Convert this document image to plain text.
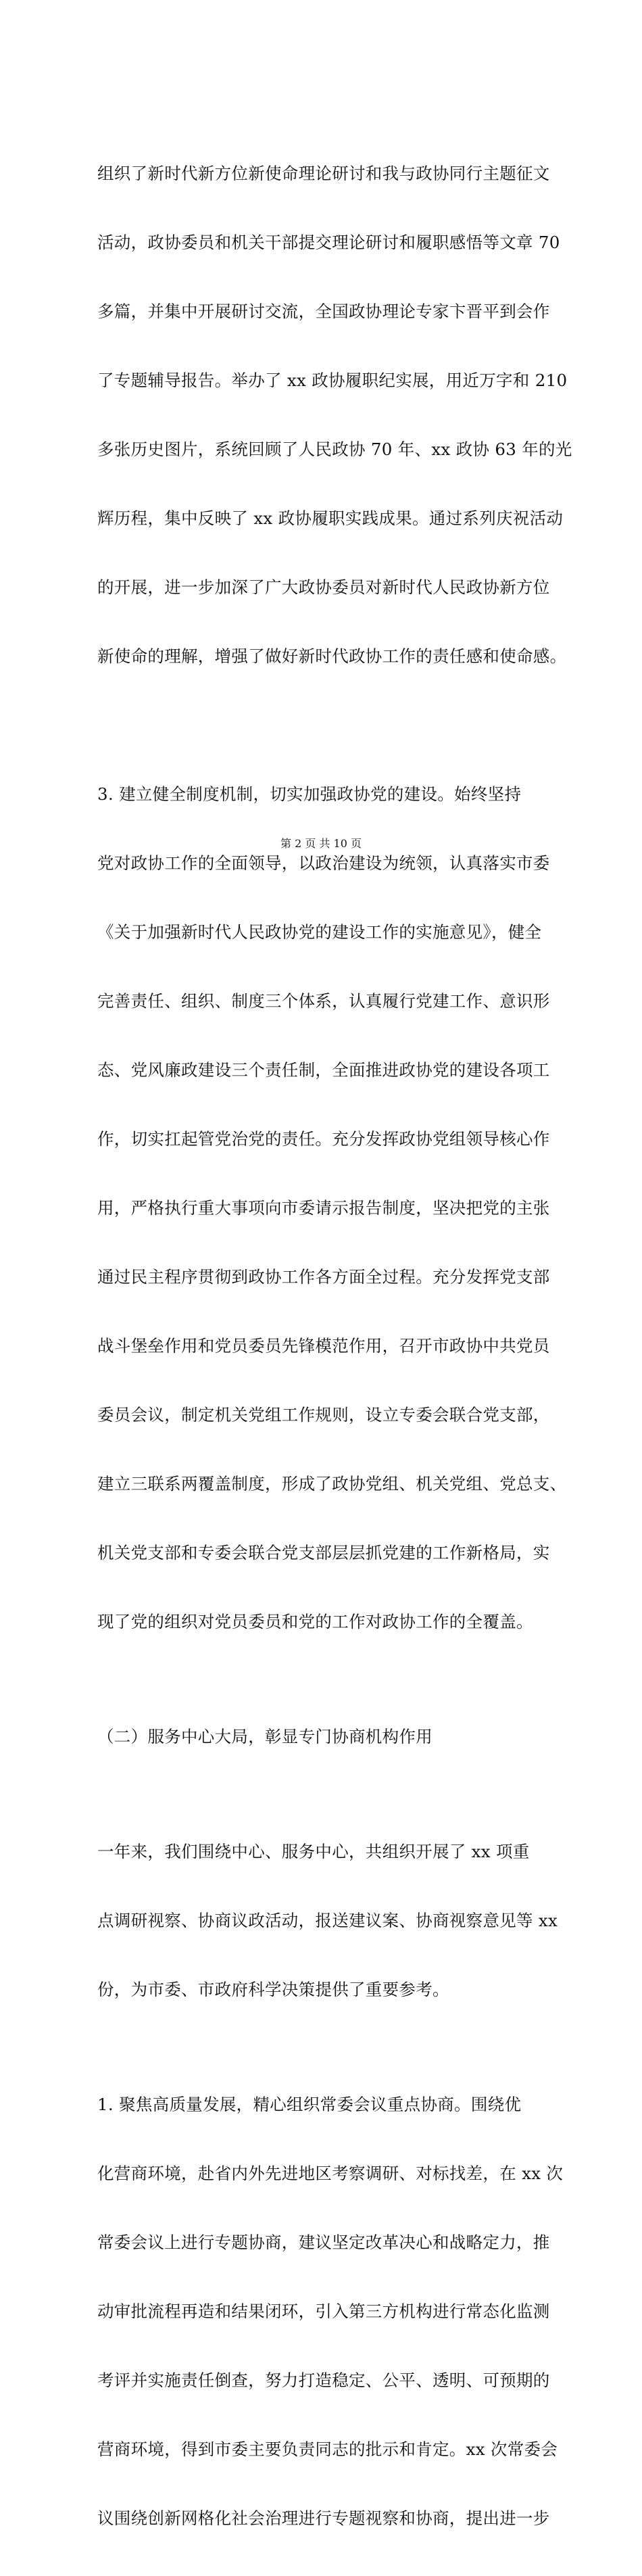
组织了新时代新方位新使命理论研讨和我与政协同行主题征文

活动，政协委员和机关干部提交理论研讨和履职感悟等文章 70

多篇，并集中开展研讨交流，全国政协理论专家卞晋平到会作

了专题辅导报告。举办了 xx 政协履职纪实展，用近万字和 210

多张历史图片，系统回顾了人民政协 70 年、xx 政协 63 年的光

辉历程，集中反映了 xx 政协履职实践成果。通过系列庆祝活动

的开展，进一步加深了广大政协委员对新时代人民政协新方位

新使命的理解，增强了做好新时代政协工作的责任感和使命感。

3. 建立健全制度机制，切实加强政协党的建设。始终坚持

党对政协工作的全面领导，以政治建设为统领，认真落实市委

《关于加强新时代人民政协党的建设工作的实施意见》，健全

完善责任、组织、制度三个体系，认真履行党建工作、意识形

态、党风廉政建设三个责任制，全面推进政协党的建设各项工

作，切实扛起管党治党的责任。充分发挥政协党组领导核心作

用，严格执行重大事项向市委请示报告制度，坚决把党的主张

通过民主程序贯彻到政协工作各方面全过程。充分发挥党支部

战斗堡垒作用和党员委员先锋模范作用，召开市政协中共党员

委员会议，制定机关党组工作规则，设立专委会联合党支部，

建立三联系两覆盖制度，形成了政协党组、机关党组、党总支、

机关党支部和专委会联合党支部层层抓党建的工作新格局，实

现了党的组织对党员委员和党的工作对政协工作的全覆盖。

（二）服务中心大局，彰显专门协商机构作用

一年来，我们围绕中心、服务中心，共组织开展了 xx 项重

点调研视察、协商议政活动，报送建议案、协商视察意见等 xx

份，为市委、市政府科学决策提供了重要参考。

1. 聚焦高质量发展，精心组织常委会议重点协商。围绕优

化营商环境，赴省内外先进地区考察调研、对标找差，在 xx 次

常委会议上进行专题协商，建议坚定改革决心和战略定力，推

动审批流程再造和结果闭环，引入第三方机构进行常态化监测

考评并实施责任倒查，努力打造稳定、公平、透明、可预期的

营商环境，得到市委主要负责同志的批示和肯定。xx 次常委会

议围绕创新网格化社会治理进行专题视察和协商，提出进一步

第 2 页 共 10 页
